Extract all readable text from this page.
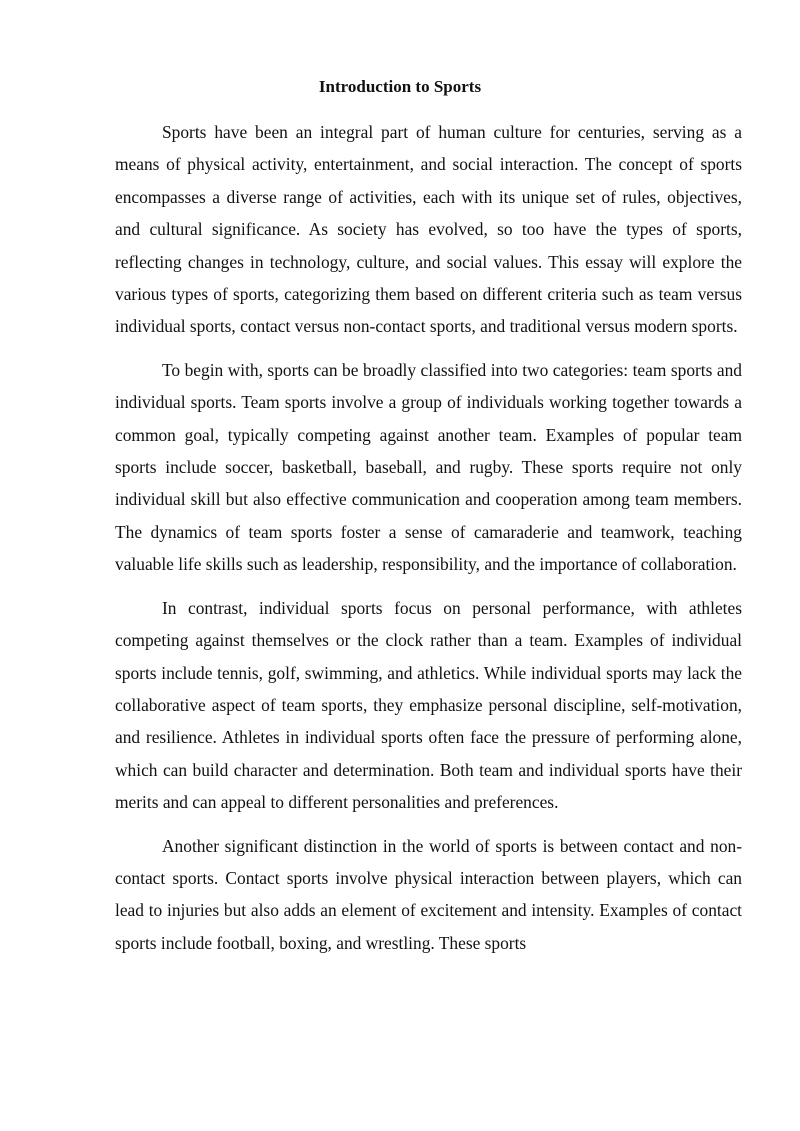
Introduction to Sports

Sports have been an integral part of human culture for centuries, serving as a means of physical activity, entertainment, and social interaction. The concept of sports encompasses a diverse range of activities, each with its unique set of rules, objectives, and cultural significance. As society has evolved, so too have the types of sports, reflecting changes in technology, culture, and social values. This essay will explore the various types of sports, categorizing them based on different criteria such as team versus individual sports, contact versus non-contact sports, and traditional versus modern sports.

To begin with, sports can be broadly classified into two categories: team sports and individual sports. Team sports involve a group of individuals working together towards a common goal, typically competing against another team. Examples of popular team sports include soccer, basketball, baseball, and rugby. These sports require not only individual skill but also effective communication and cooperation among team members. The dynamics of team sports foster a sense of camaraderie and teamwork, teaching valuable life skills such as leadership, responsibility, and the importance of collaboration.

In contrast, individual sports focus on personal performance, with athletes competing against themselves or the clock rather than a team. Examples of individual sports include tennis, golf, swimming, and athletics. While individual sports may lack the collaborative aspect of team sports, they emphasize personal discipline, self-motivation, and resilience. Athletes in individual sports often face the pressure of performing alone, which can build character and determination. Both team and individual sports have their merits and can appeal to different personalities and preferences.

Another significant distinction in the world of sports is between contact and non-contact sports. Contact sports involve physical interaction between players, which can lead to injuries but also adds an element of excitement and intensity. Examples of contact sports include football, boxing, and wrestling. These sports
